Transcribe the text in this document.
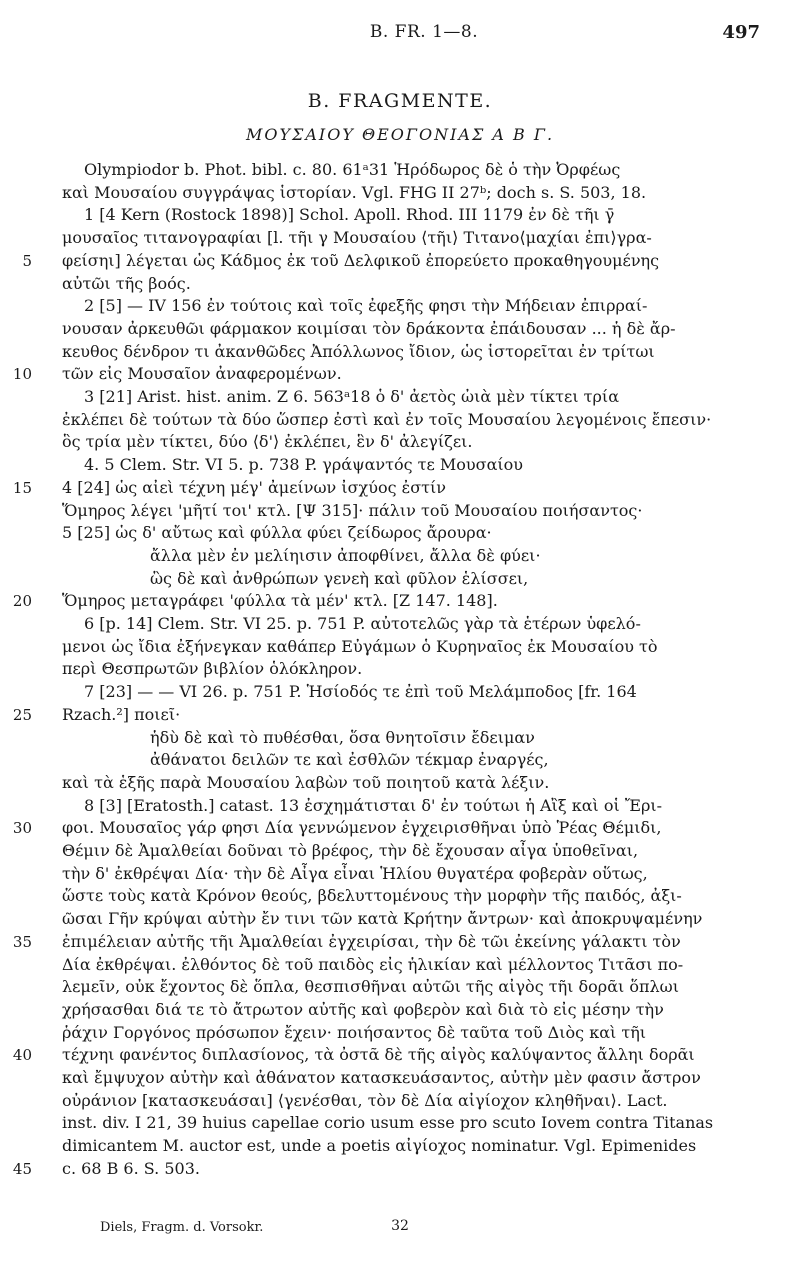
B. FR. 1—8.	497
B. FRAGMENTE.
ΜΟΥΣΑΙΟΥ ΘΕΟΓΟΝΙΑΣ Α Β Γ.
Olympiodor b. Phot. bibl. c. 80. 61ᵃ31 Ἡρόδωρος δὲ ὁ τὴν Ὀρφέως
καὶ Μουσαίου συγγράψας ἱστορίαν. Vgl. FHG II 27ᵇ; doch s. S. 503, 18.
1 [4 Kern (Rostock 1898)] Schol. Apoll. Rhod. III 1179 ἐν δὲ τῆι γ̄
μουσαῖος τιτανογραφίαι [l. τῆι γ Μουσαίου ⟨τῆι⟩ Τιτανο⟨μαχίαι ἐπι⟩γρα-
φείσηι] λέγεται ὡς Κάδμος ἐκ τοῦ Δελφικοῦ ἐπορεύετο προκαθηγουμένης
αὐτῶι τῆς βοός.
2 [5] — IV 156 ἐν τούτοις καὶ τοῖς ἐφεξῆς φησι τὴν Μήδειαν ἐπιρραί-
νουσαν ἀρκευθῶι φάρμακον κοιμίσαι τὸν δράκοντα ἐπάιδουσαν ... ἡ δὲ ἄρ-
κευθος δένδρον τι ἀκανθῶδες Ἀπόλλωνος ἴδιον, ὡς ἱστορεῖται ἐν τρίτωι
τῶν εἰς Μουσαῖον ἀναφερομένων.
3 [21] Arist. hist. anim. Z 6. 563ᵃ18 ὁ δ' ἀετὸς ὠιὰ μὲν τίκτει τρία
ἐκλέπει δὲ τούτων τὰ δύο ὥσπερ ἐστὶ καὶ ἐν τοῖς Μουσαίου λεγομένοις ἔπεσιν·
ὃς τρία μὲν τίκτει, δύο ⟨δ'⟩ ἐκλέπει, ἓν δ' ἀλεγίζει.
4. 5 Clem. Str. VI 5. p. 738 P. γράψαντός τε Μουσαίου
4 [24] ὡς αἰεὶ τέχνη μέγ' ἀμείνων ἰσχύος ἐστίν
Ὅμηρος λέγει 'μῆτί τοι' κτλ. [Ψ 315]· πάλιν τοῦ Μουσαίου ποιήσαντος·
5 [25] ὡς δ' αὔτως καὶ φύλλα φύει ζείδωρος ἄρουρα·
ἄλλα μὲν ἐν μελίηισιν ἀποφθίνει, ἄλλα δὲ φύει·
ὣς δὲ καὶ ἀνθρώπων γενεὴ καὶ φῦλον ἑλίσσει,
Ὅμηρος μεταγράφει 'φύλλα τὰ μέν' κτλ. [Ζ 147. 148].
6 [p. 14] Clem. Str. VI 25. p. 751 P. αὐτοτελῶς γὰρ τὰ ἑτέρων ὑφελό-
μενοι ὡς ἴδια ἐξήνεγκαν καθάπερ Εὐγάμων ὁ Κυρηναῖος ἐκ Μουσαίου τὸ
περὶ Θεσπρωτῶν βιβλίον ὁλόκληρον.
7 [23] — — VI 26. p. 751 P. Ἡσίοδός τε ἐπὶ τοῦ Μελάμποδος [fr. 164
Rzach.²] ποιεῖ·
ἡδὺ δὲ καὶ τὸ πυθέσθαι, ὅσα θνητοῖσιν ἔδειμαν
ἀθάνατοι δειλῶν τε καὶ ἐσθλῶν τέκμαρ ἐναργές,
καὶ τὰ ἑξῆς παρὰ Μουσαίου λαβὼν τοῦ ποιητοῦ κατὰ λέξιν.
8 [3] [Eratosth.] catast. 13 ἐσχημάτισται δ' ἐν τούτωι ἡ Αἲξ καὶ οἱ Ἔρι-
φοι. Μουσαῖος γάρ φησι Δία γεννώμενον ἐγχειρισθῆναι ὑπὸ Ῥέας Θέμιδι,
Θέμιν δὲ Ἀμαλθείαι δοῦναι τὸ βρέφος, τὴν δὲ ἔχουσαν αἶγα ὑποθεῖναι,
τὴν δ' ἐκθρέψαι Δία· τὴν δὲ Αἶγα εἶναι Ἡλίου θυγατέρα φοβερὰν οὕτως,
ὥστε τοὺς κατὰ Κρόνον θεούς, βδελυττομένους τὴν μορφὴν τῆς παιδός, ἀξι-
ῶσαι Γῆν κρύψαι αὐτὴν ἔν τινι τῶν κατὰ Κρήτην ἄντρων· καὶ ἀποκρυψαμένην
ἐπιμέλειαν αὐτῆς τῆι Ἀμαλθείαι ἐγχειρίσαι, τὴν δὲ τῶι ἐκείνης γάλακτι τὸν
Δία ἐκθρέψαι. ἐλθόντος δὲ τοῦ παιδὸς εἰς ἡλικίαν καὶ μέλλοντος Τιτᾶσι πο-
λεμεῖν, οὐκ ἔχοντος δὲ ὅπλα, θεσπισθῆναι αὐτῶι τῆς αἰγὸς τῆι δορᾶι ὅπλωι
χρήσασθαι διά τε τὸ ἄτρωτον αὐτῆς καὶ φοβερὸν καὶ διὰ τὸ εἰς μέσην τὴν
ῥάχιν Γοργόνος πρόσωπον ἔχειν· ποιήσαντος δὲ ταῦτα τοῦ Διὸς καὶ τῆι
τέχνηι φανέντος διπλασίονος, τὰ ὀστᾶ δὲ τῆς αἰγὸς καλύψαντος ἄλληι δορᾶι
καὶ ἔμψυχον αὐτὴν καὶ ἀθάνατον κατασκευάσαντος, αὐτὴν μὲν φασιν ἄστρον
οὐράνιον [κατασκευάσαι] ⟨γενέσθαι, τὸν δὲ Δία αἰγίοχον κληθῆναι⟩. Lact.
inst. div. I 21, 39 huius capellae corio usum esse pro scuto Iovem contra Titanas
dimicantem M. auctor est, unde a poetis αἰγίοχος nominatur. Vgl. Epimenides
c. 68 B 6. S. 503.
5
10
15
20
25
30
35
40
45
Diels, Fragm. d. Vorsokr.	32
